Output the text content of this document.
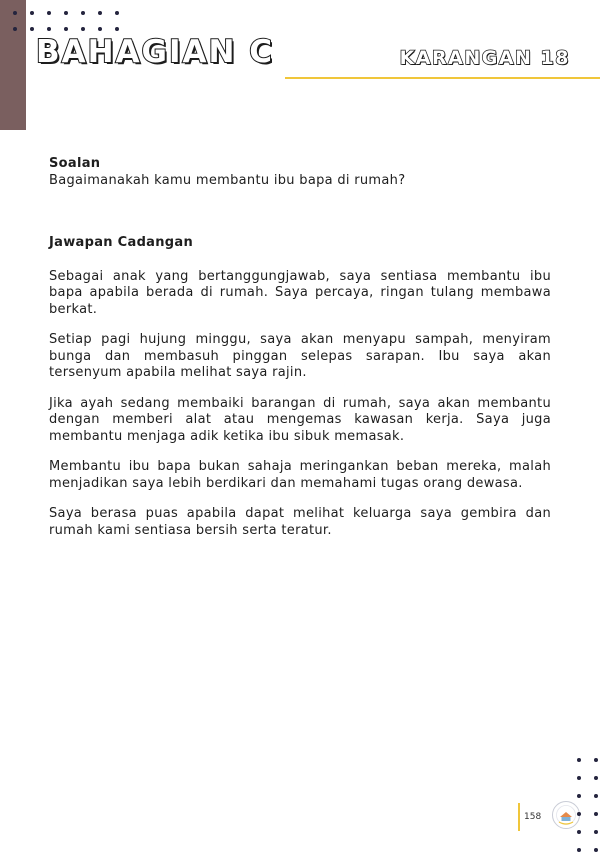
BAHAGIAN C	KARANGAN 18

Soalan

Bagaimanakah kamu membantu ibu bapa di rumah?

Jawapan Cadangan

Sebagai anak yang bertanggungjawab, saya sentiasa membantu ibu bapa apabila berada di rumah. Saya percaya, ringan tulang membawa berkat.

Setiap pagi hujung minggu, saya akan menyapu sampah, menyiram bunga dan membasuh pinggan selepas sarapan. Ibu saya akan tersenyum apabila melihat saya rajin.

Jika ayah sedang membaiki barangan di rumah, saya akan membantu dengan memberi alat atau mengemas kawasan kerja. Saya juga membantu menjaga adik ketika ibu sibuk memasak.

Membantu ibu bapa bukan sahaja meringankan beban mereka, malah menjadikan saya lebih berdikari dan memahami tugas orang dewasa.

Saya berasa puas apabila dapat melihat keluarga saya gembira dan rumah kami sentiasa bersih serta teratur.

158
